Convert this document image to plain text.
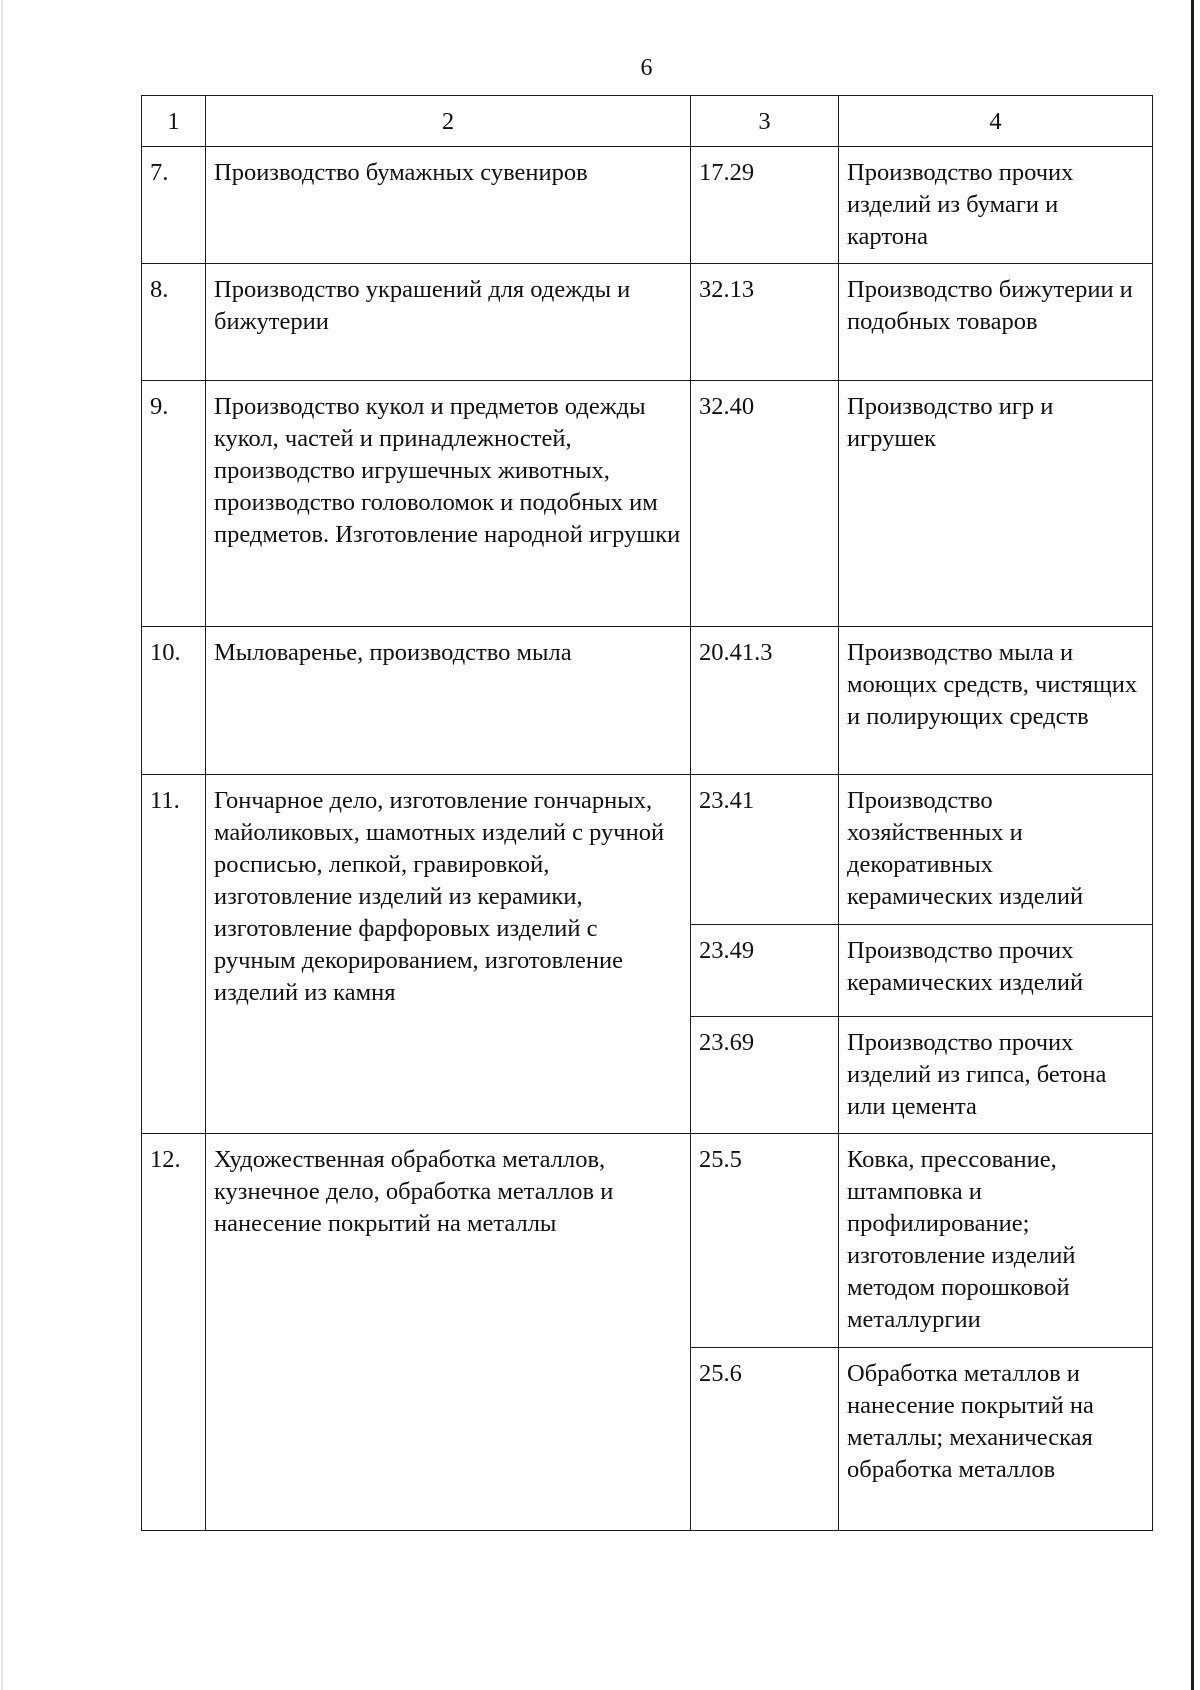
6
1	2	3	4
7.	Производство бумажных сувениров	17.29	Производство прочих изделий из бумаги и картона
8.	Производство украшений для одежды и бижутерии	32.13	Производство бижутерии и подобных товаров
9.	Производство кукол и предметов одежды кукол, частей и принадлежностей, производство игрушечных животных, производство головоломок и подобных им предметов. Изготовление народной игрушки	32.40	Производство игр и игрушек
10.	Мыловаренье, производство мыла	20.41.3	Производство мыла и моющих средств, чистящих и полирующих средств
11.	Гончарное дело, изготовление гончарных, майоликовых, шамотных изделий с ручной росписью, лепкой, гравировкой, изготовление изделий из керамики, изготовление фарфоровых изделий с ручным декорированием, изготовление изделий из камня	23.41	Производство хозяйственных и декоративных керамических изделий
		23.49	Производство прочих керамических изделий
		23.69	Производство прочих изделий из гипса, бетона или цемента
12.	Художественная обработка металлов, кузнечное дело, обработка металлов и нанесение покрытий на металлы	25.5	Ковка, прессование, штамповка и профилирование; изготовление изделий методом порошковой металлургии
		25.6	Обработка металлов и нанесение покрытий на металлы; механическая обработка металлов
